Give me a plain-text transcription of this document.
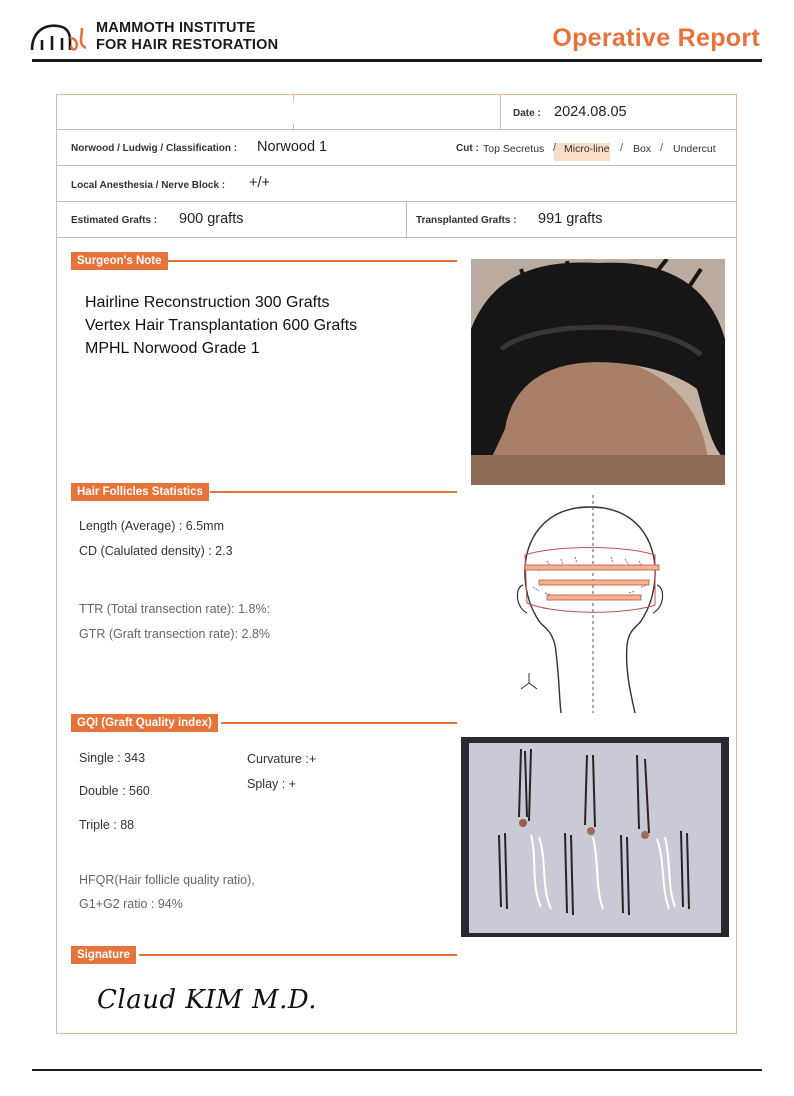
MAMMOTH INSTITUTE
FOR HAIR RESTORATION	Operative Report
Date : 2024.08.05
Norwood / Ludwig / Classification : Norwood 1	Cut : Top Secretus / Micro-line / Box / Undercut
Local Anesthesia / Nerve Block : +/+
Estimated Grafts : 900 grafts	Transplanted Grafts : 991 grafts
Surgeon's Note
Hairline Reconstruction 300 Grafts
Vertex Hair Transplantation 600 Grafts
MPHL Norwood Grade 1
Hair Follicles Statistics
Length (Average) : 6.5mm
CD (Calulated density) : 2.3
TTR (Total transection rate): 1.8%:
GTR (Graft transection rate): 2.8%
GQI (Graft Quality index)
Single : 343
Double : 560
Triple : 88
Curvature :+
Splay : +
HFQR(Hair follicle quality ratio),
G1+G2 ratio : 94%
Signature
Claud KIM M.D.
